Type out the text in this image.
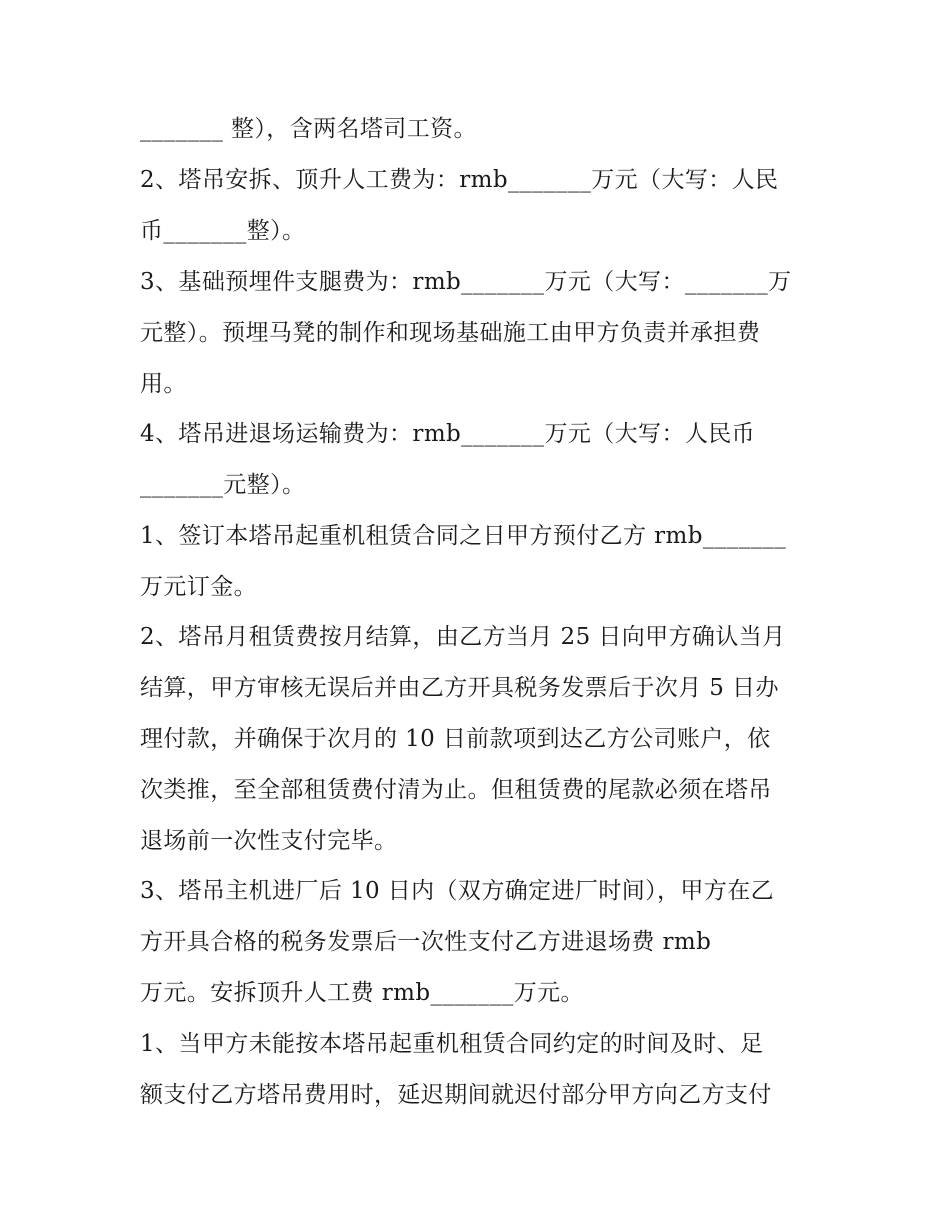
_______ 整），含两名塔司工资。

2、塔吊安拆、顶升人工费为：rmb_______万元（大写：人民

币_______整）。

3、基础预埋件支腿费为：rmb_______万元（大写：_______万

元整）。预埋马凳的制作和现场基础施工由甲方负责并承担费

用。

4、塔吊进退场运输费为：rmb_______万元（大写：人民币

_______元整）。

1、签订本塔吊起重机租赁合同之日甲方预付乙方 rmb_______

万元订金。

2、塔吊月租赁费按月结算，由乙方当月 25 日向甲方确认当月

结算，甲方审核无误后并由乙方开具税务发票后于次月 5 日办

理付款，并确保于次月的 10 日前款项到达乙方公司账户，依

次类推，至全部租赁费付清为止。但租赁费的尾款必须在塔吊

退场前一次性支付完毕。

3、塔吊主机进厂后 10 日内（双方确定进厂时间），甲方在乙

方开具合格的税务发票后一次性支付乙方进退场费 rmb

万元。安拆顶升人工费 rmb_______万元。

1、当甲方未能按本塔吊起重机租赁合同约定的时间及时、足

额支付乙方塔吊费用时，延迟期间就迟付部分甲方向乙方支付
